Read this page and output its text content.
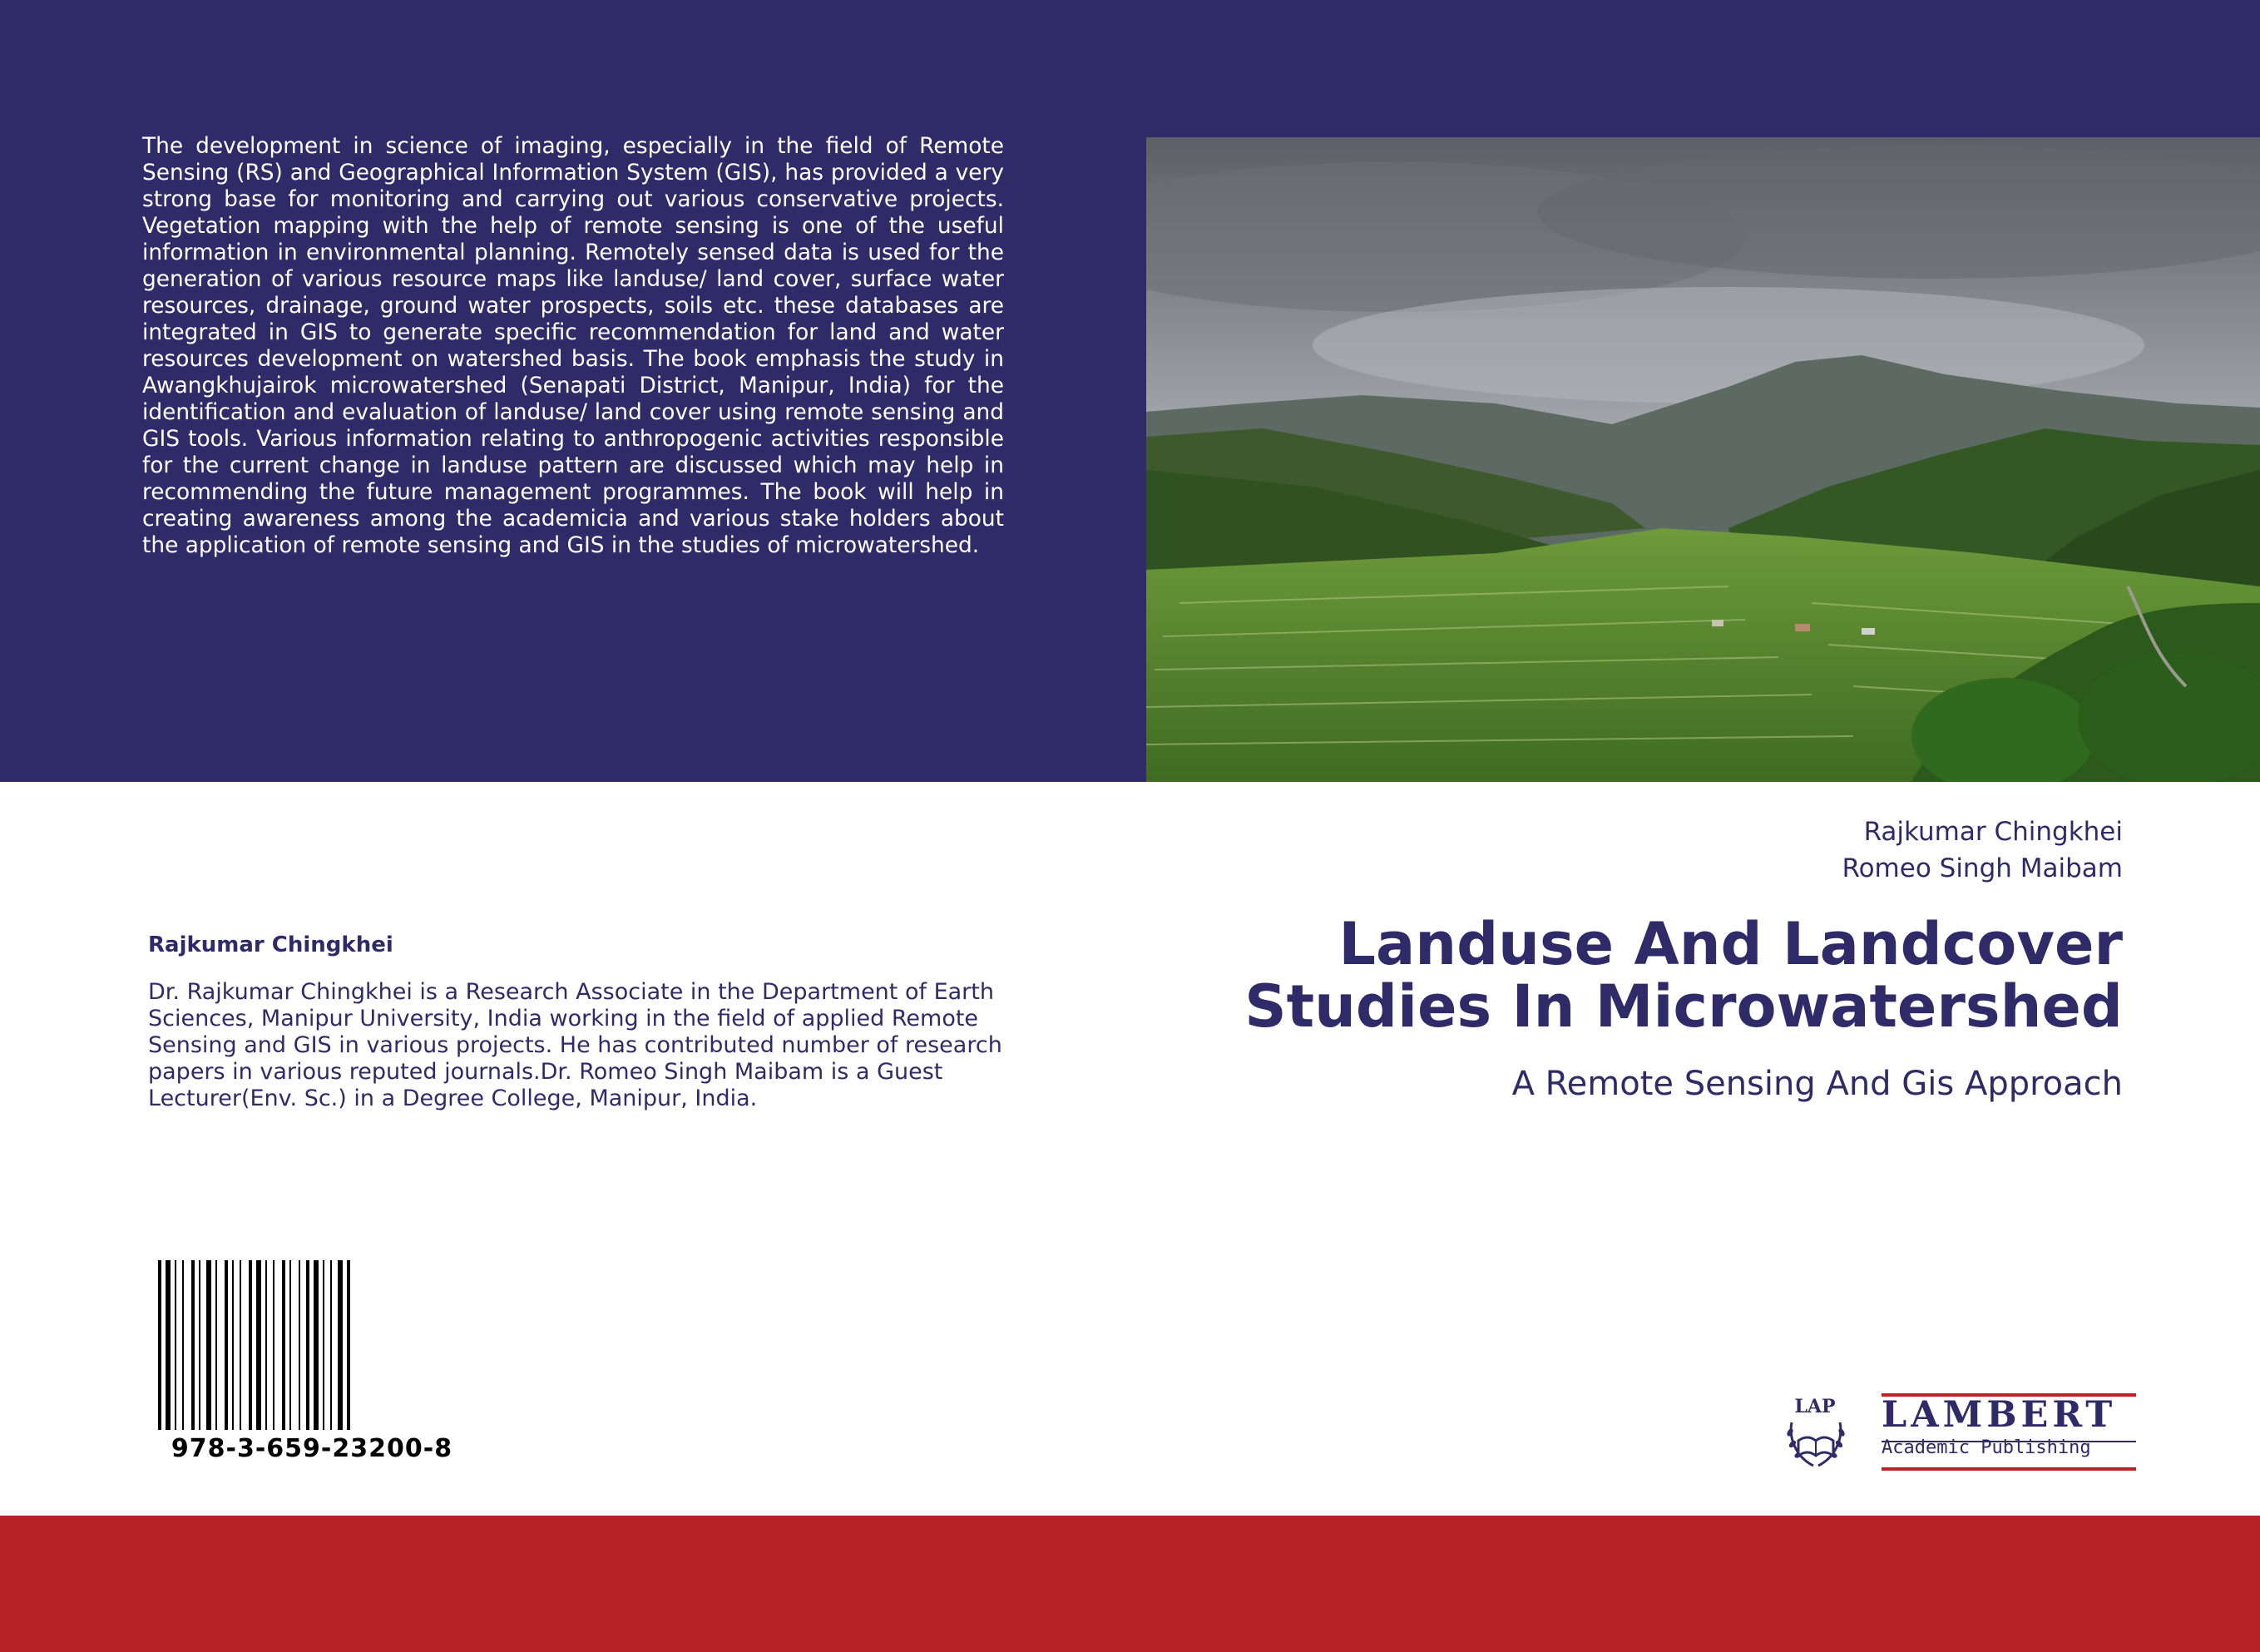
The development in science of imaging, especially in the field of Remote Sensing (RS) and Geographical Information System (GIS), has provided a very strong base for monitoring and carrying out various conservative projects. Vegetation mapping with the help of remote sensing is one of the useful information in environmental planning. Remotely sensed data is used for the generation of various resource maps like landuse/ land cover, surface water resources, drainage, ground water prospects, soils etc. these databases are integrated in GIS to generate specific recommendation for land and water resources development on watershed basis. The book emphasis the study in Awangkhujairok microwatershed (Senapati District, Manipur, India) for the identification and evaluation of landuse/ land cover using remote sensing and GIS tools. Various information relating to anthropogenic activities responsible for the current change in landuse pattern are discussed which may help in recommending the future management programmes. The book will help in creating awareness among the academicia and various stake holders about the application of remote sensing and GIS in the studies of microwatershed.

Rajkumar Chingkhei
Romeo Singh Maibam
Landuse And Landcover
Studies In Microwatershed
A Remote Sensing And Gis Approach
Rajkumar Chingkhei

Dr. Rajkumar Chingkhei is a Research Associate in the Department of Earth Sciences, Manipur University, India working in the field of applied Remote Sensing and GIS in various projects. He has contributed number of research papers in various reputed journals.Dr. Romeo Singh Maibam is a Guest Lecturer(Env. Sc.) in a Degree College, Manipur, India.

978-3-659-23200-8
LAP LAMBERT
Academic Publishing
